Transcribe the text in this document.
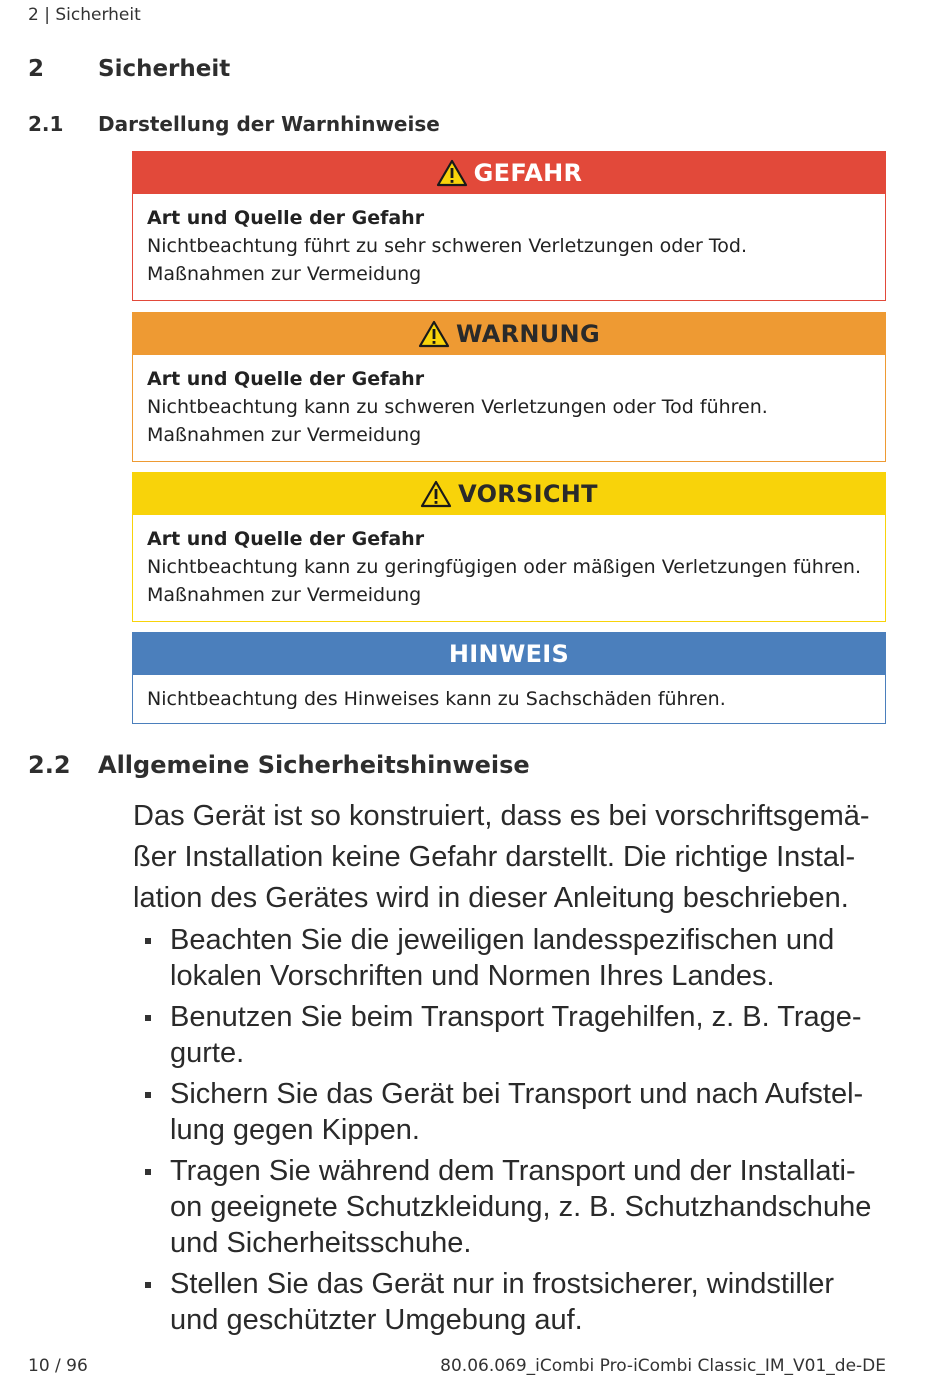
2 | Sicherheit
2 Sicherheit
2.1 Darstellung der Warnhinweise
GEFAHR
Art und Quelle der Gefahr
Nichtbeachtung führt zu sehr schweren Verletzungen oder Tod.
Maßnahmen zur Vermeidung
WARNUNG
Art und Quelle der Gefahr
Nichtbeachtung kann zu schweren Verletzungen oder Tod führen.
Maßnahmen zur Vermeidung
VORSICHT
Art und Quelle der Gefahr
Nichtbeachtung kann zu geringfügigen oder mäßigen Verletzungen führen.
Maßnahmen zur Vermeidung
HINWEIS
Nichtbeachtung des Hinweises kann zu Sachschäden führen.
2.2 Allgemeine Sicherheitshinweise
Das Gerät ist so konstruiert, dass es bei vorschriftsgemä-
ßer Installation keine Gefahr darstellt. Die richtige Instal-
lation des Gerätes wird in dieser Anleitung beschrieben.
Beachten Sie die jeweiligen landesspezifischen und
lokalen Vorschriften und Normen Ihres Landes.
Benutzen Sie beim Transport Tragehilfen, z. B. Trage-
gurte.
Sichern Sie das Gerät bei Transport und nach Aufstel-
lung gegen Kippen.
Tragen Sie während dem Transport und der Installati-
on geeignete Schutzkleidung, z. B. Schutzhandschuhe
und Sicherheitsschuhe.
Stellen Sie das Gerät nur in frostsicherer, windstiller
und geschützter Umgebung auf.
10 / 96	80.06.069_iCombi Pro-iCombi Classic_IM_V01_de-DE
